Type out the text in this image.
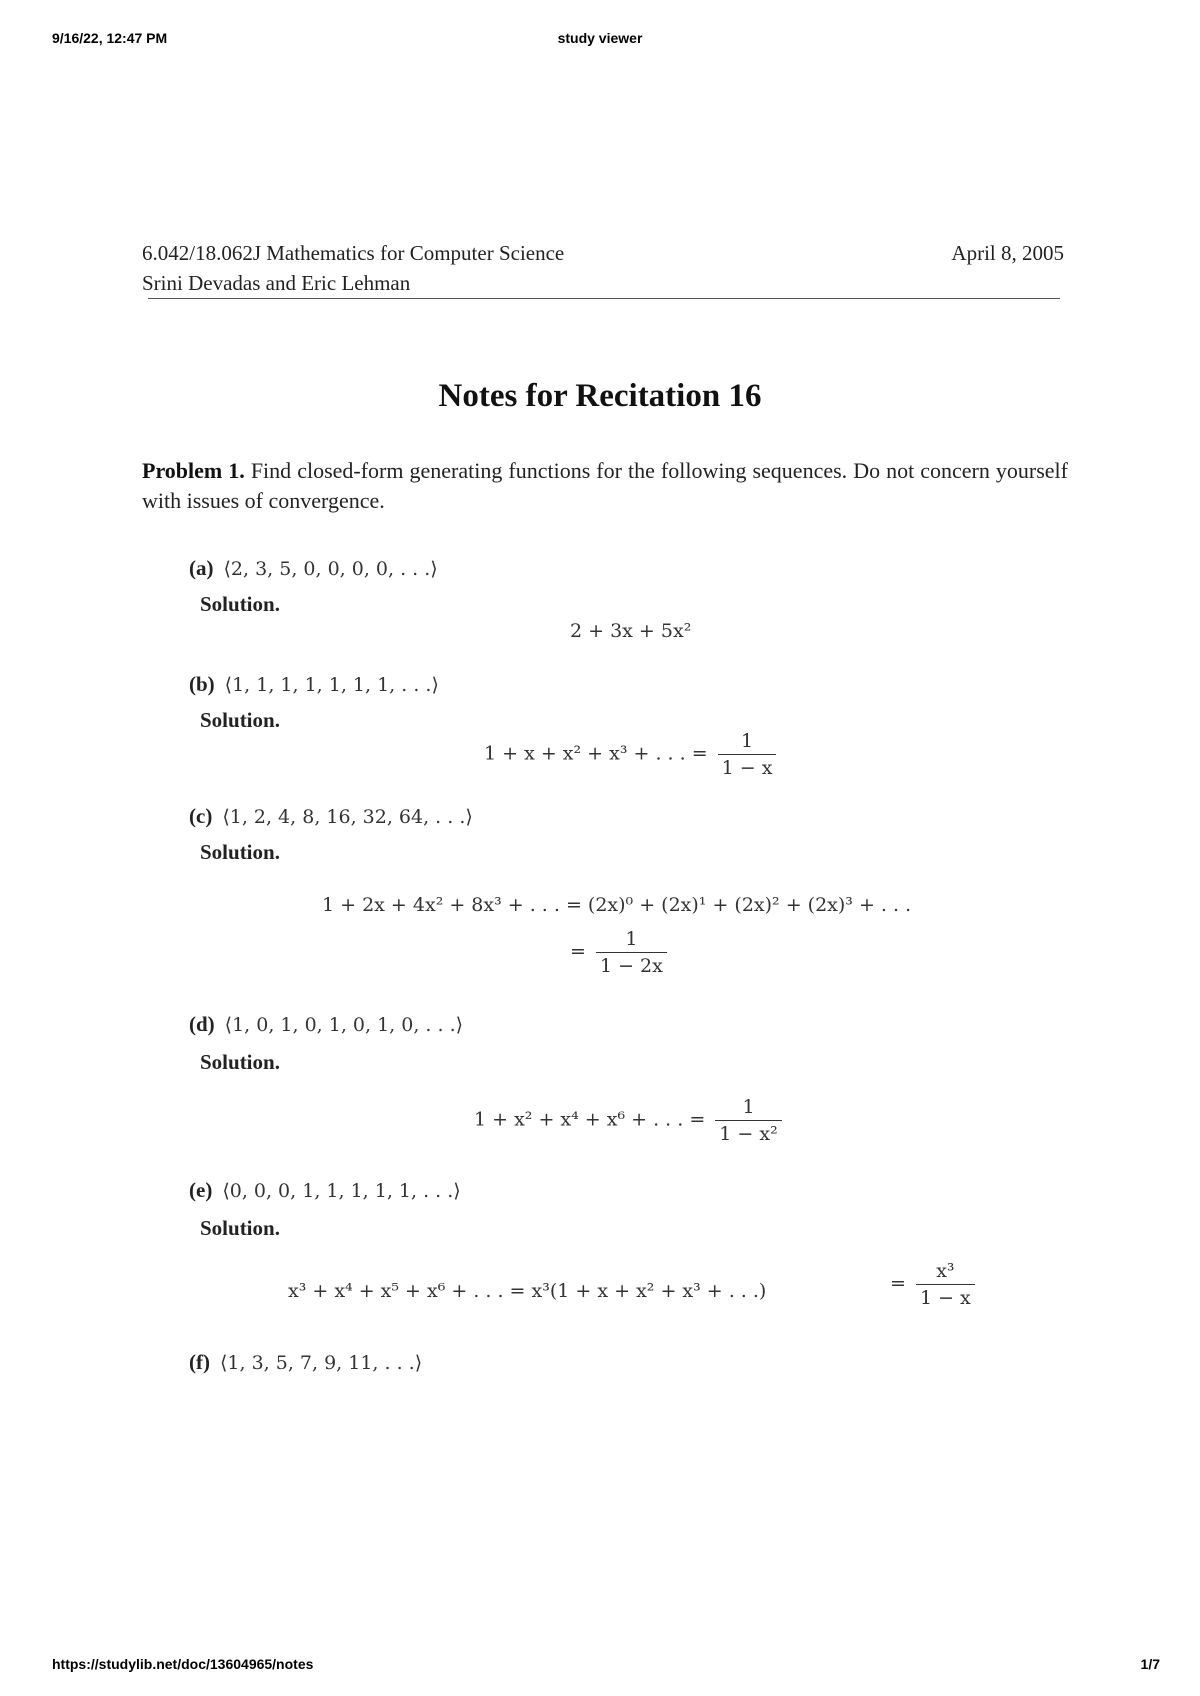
9/16/22, 12:47 PM	study viewer
6.042/18.062J Mathematics for Computer Science
Srini Devadas and Eric Lehman
April 8, 2005
Notes for Recitation 16
Problem 1. Find closed-form generating functions for the following sequences. Do not concern yourself with issues of convergence.
(a) ⟨2, 3, 5, 0, 0, 0, 0, . . .⟩
Solution.
2 + 3x + 5x²
(b) ⟨1, 1, 1, 1, 1, 1, 1, . . .⟩
Solution.
1 + x + x² + x³ + . . . = $\frac{1}{1 - x}$
(c) ⟨1, 2, 4, 8, 16, 32, 64, . . .⟩
Solution.
1 + 2x + 4x² + 8x³ + . . . = (2x)⁰ + (2x)¹ + (2x)² + (2x)³ + . . .
= $\frac{1}{1 - 2x}$
(d) ⟨1, 0, 1, 0, 1, 0, 1, 0, . . .⟩
Solution.
1 + x² + x⁴ + x⁶ + . . . = $\frac{1}{\text{1 − x²}}$
(e) ⟨0, 0, 0, 1, 1, 1, 1, 1, . . .⟩
Solution.
x³ + x⁴ + x⁵ + x⁶ + . . . = x³(1 + x + x² + x³ + . . .)	= $\frac{\text{x³}}{1 - x}$
(f) ⟨1, 3, 5, 7, 9, 11, . . .⟩
https://studylib.net/doc/13604965/notes	1/7
